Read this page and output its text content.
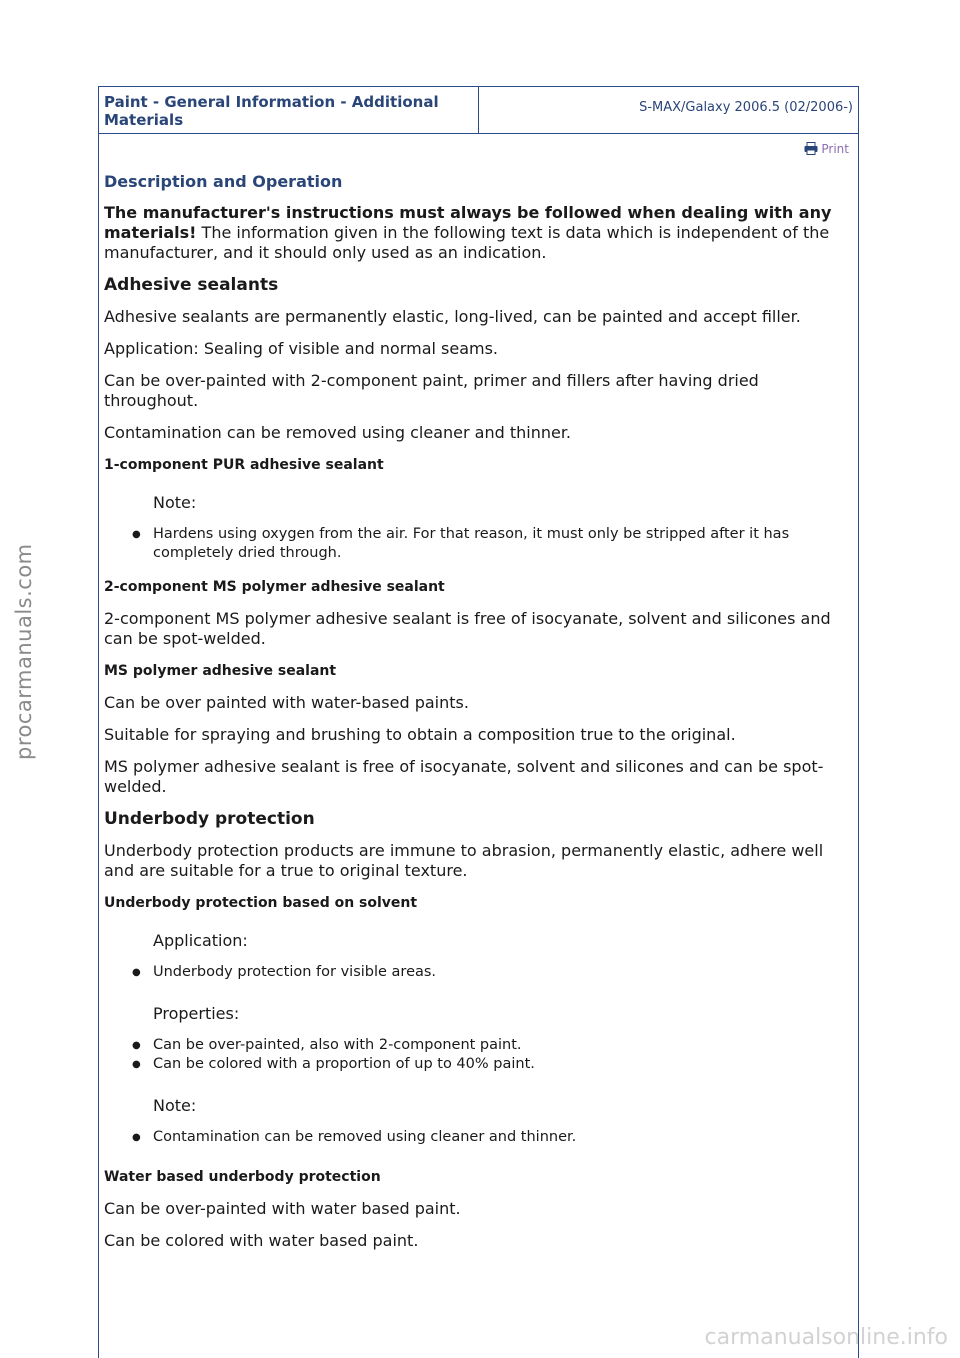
procarmanuals.com
carmanualsonline.info
Paint - General Information - Additional Materials
S-MAX/Galaxy 2006.5 (02/2006-)
Print
Description and Operation

The manufacturer's instructions must always be followed when dealing with any materials! The information given in the following text is data which is independent of the manufacturer, and it should only used as an indication.

Adhesive sealants

Adhesive sealants are permanently elastic, long-lived, can be painted and accept filler.

Application: Sealing of visible and normal seams.

Can be over-painted with 2-component paint, primer and fillers after having dried throughout.

Contamination can be removed using cleaner and thinner.

1-component PUR adhesive sealant
Note:
● Hardens using oxygen from the air. For that reason, it must only be stripped after it has completely dried through.
2-component MS polymer adhesive sealant

2-component MS polymer adhesive sealant is free of isocyanate, solvent and silicones and can be spot-welded.

MS polymer adhesive sealant

Can be over painted with water-based paints.

Suitable for spraying and brushing to obtain a composition true to the original.

MS polymer adhesive sealant is free of isocyanate, solvent and silicones and can be spot-welded.

Underbody protection

Underbody protection products are immune to abrasion, permanently elastic, adhere well and are suitable for a true to original texture.

Underbody protection based on solvent
Application:
● Underbody protection for visible areas.
Properties:
● Can be over-painted, also with 2-component paint.
● Can be colored with a proportion of up to 40% paint.
Note:
● Contamination can be removed using cleaner and thinner.
Water based underbody protection

Can be over-painted with water based paint.

Can be colored with water based paint.
